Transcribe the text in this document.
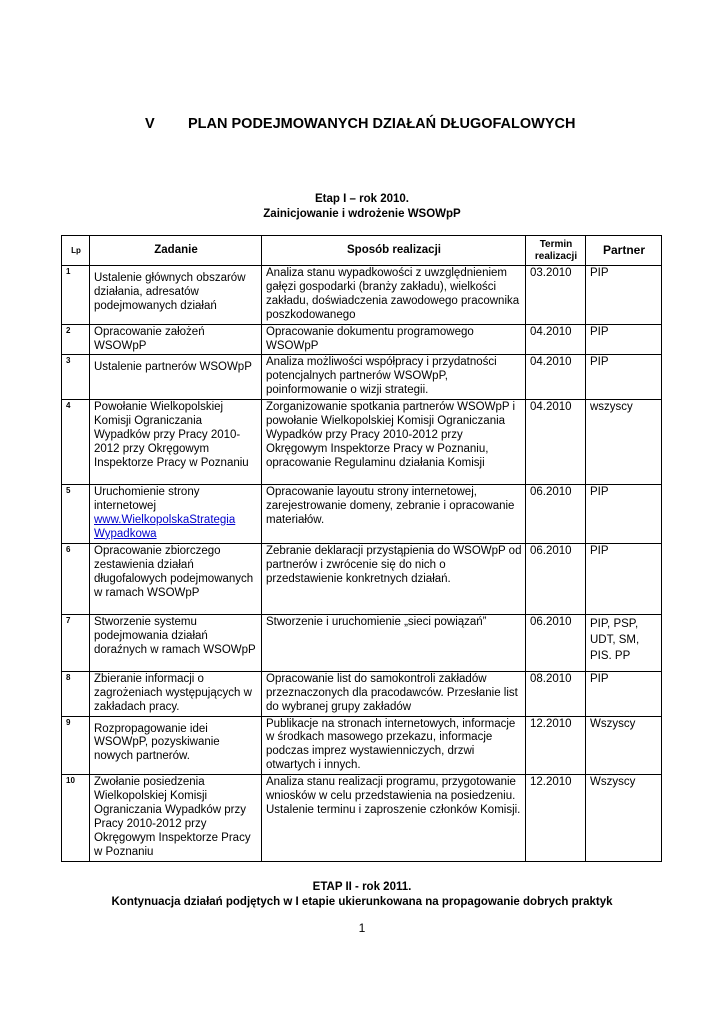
V PLAN PODEJMOWANYCH DZIAŁAŃ DŁUGOFALOWYCH
Etap I – rok 2010.
Zainicjowanie i wdrożenie WSOWpP
Lp	Zadanie	Sposób realizacji	Termin realizacji	Partner
1	Ustalenie głównych obszarów działania, adresatów podejmowanych działań	Analiza stanu wypadkowości z uwzględnieniem gałęzi gospodarki (branży zakładu), wielkości zakładu, doświadczenia zawodowego pracownika poszkodowanego	03.2010	PIP
2	Opracowanie założeń WSOWpP	Opracowanie dokumentu programowego WSOWpP	04.2010	PIP
3	Ustalenie partnerów WSOWpP	Analiza możliwości współpracy i przydatności potencjalnych partnerów WSOWpP, poinformowanie o wizji strategii.	04.2010	PIP
4	Powołanie Wielkopolskiej Komisji Ograniczania Wypadków przy Pracy 2010-2012 przy Okręgowym Inspektorze Pracy w Poznaniu	Zorganizowanie spotkania partnerów WSOWpP i powołanie Wielkopolskiej Komisji Ograniczania Wypadków przy Pracy 2010-2012 przy Okręgowym Inspektorze Pracy w Poznaniu, opracowanie Regulaminu działania Komisji	04.2010	wszyscy
5	Uruchomienie strony internetowej
www.WielkopolskaStrategia Wypadkowa	Opracowanie layoutu strony internetowej, zarejestrowanie domeny, zebranie i opracowanie materiałów.	06.2010	PIP
6	Opracowanie zbiorczego zestawienia działań długofalowych podejmowanych w ramach WSOWpP	Zebranie deklaracji przystąpienia do WSOWpP od partnerów i zwrócenie się do nich o przedstawienie konkretnych działań.	06.2010	PIP
7	Stworzenie systemu podejmowania działań doraźnych w ramach WSOWpP	Stworzenie i uruchomienie „sieci powiązań”	06.2010	PIP, PSP, UDT, SM, PIS. PP
8	Zbieranie informacji o zagrożeniach występujących w zakładach pracy.	Opracowanie list do samokontroli zakładów przeznaczonych dla pracodawców. Przesłanie list do wybranej grupy zakładów	08.2010	PIP
9	Rozpropagowanie idei WSOWpP, pozyskiwanie nowych partnerów.	Publikacje na stronach internetowych, informacje w środkach masowego przekazu, informacje podczas imprez wystawienniczych, drzwi otwartych i innych.	12.2010	Wszyscy
10	Zwołanie posiedzenia Wielkopolskiej Komisji Ograniczania Wypadków przy Pracy 2010-2012 przy Okręgowym Inspektorze Pracy w Poznaniu	Analiza stanu realizacji programu, przygotowanie wniosków w celu przedstawienia na posiedzeniu. Ustalenie terminu i zaproszenie członków Komisji.	12.2010	Wszyscy
ETAP II - rok 2011.
Kontynuacja działań podjętych w I etapie ukierunkowana na propagowanie dobrych praktyk
1
